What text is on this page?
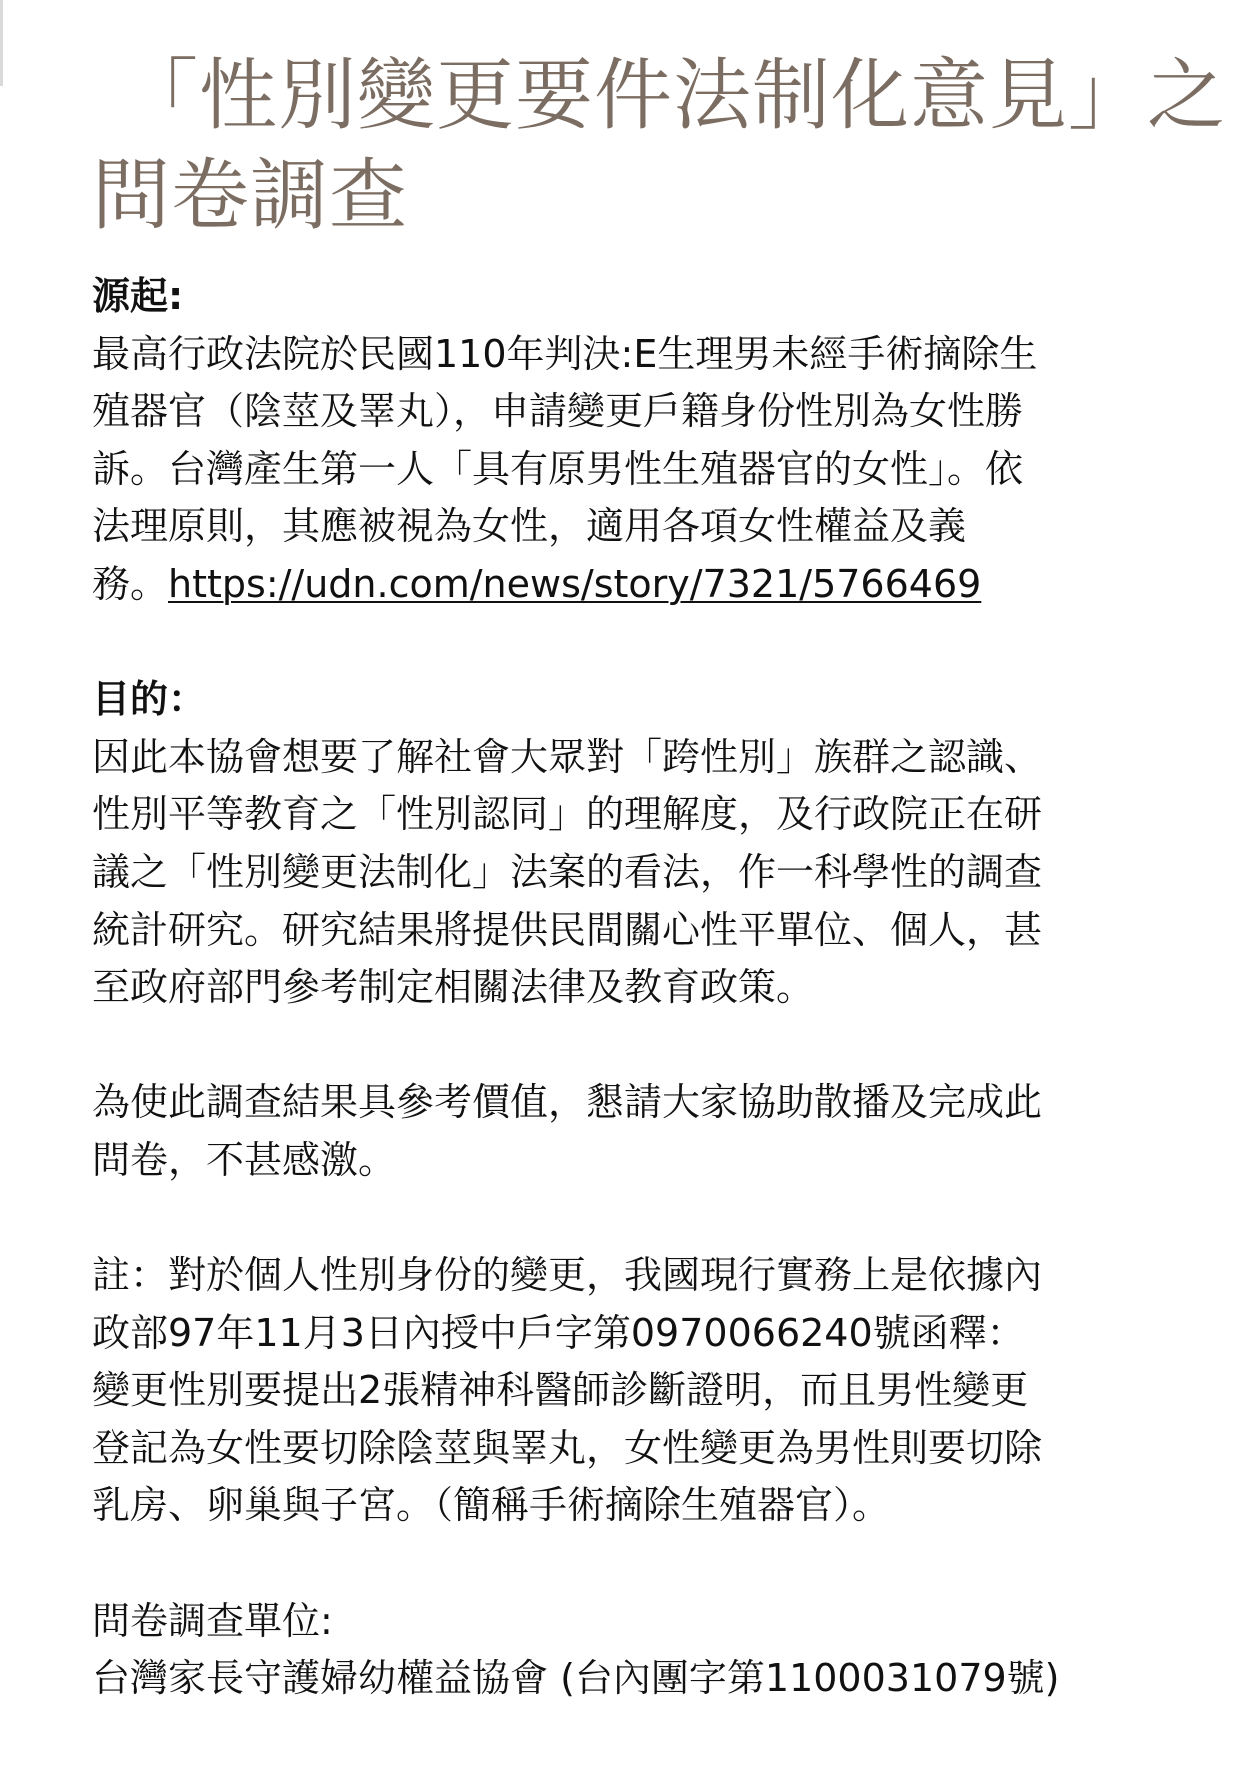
「性別變更要件法制化意見」之
問卷調查
源起:

最高行政法院於民國110年判決:E生理男未經手術摘除生
殖器官（陰莖及睪丸），申請變更戶籍身份性別為女性勝
訴。台灣產生第一人「具有原男性生殖器官的女性」。依
法理原則，其應被視為女性，適用各項女性權益及義
務。https://udn.com/news/story/7321/5766469

目的：

因此本協會想要了解社會大眾對「跨性別」族群之認識、
性別平等教育之「性別認同」的理解度，及行政院正在研
議之「性別變更法制化」法案的看法，作一科學性的調查
統計研究。研究結果將提供民間關心性平單位、個人，甚
至政府部門參考制定相關法律及教育政策。

為使此調查結果具參考價值，懇請大家協助散播及完成此
問卷，不甚感激。

註：對於個人性別身份的變更，我國現行實務上是依據內
政部97年11月3日內授中戶字第0970066240號函釋：
變更性別要提出2張精神科醫師診斷證明，而且男性變更
登記為女性要切除陰莖與睪丸，女性變更為男性則要切除
乳房、卵巢與子宮。（簡稱手術摘除生殖器官）。

問卷調查單位:
台灣家長守護婦幼權益協會 (台內團字第1100031079號)
